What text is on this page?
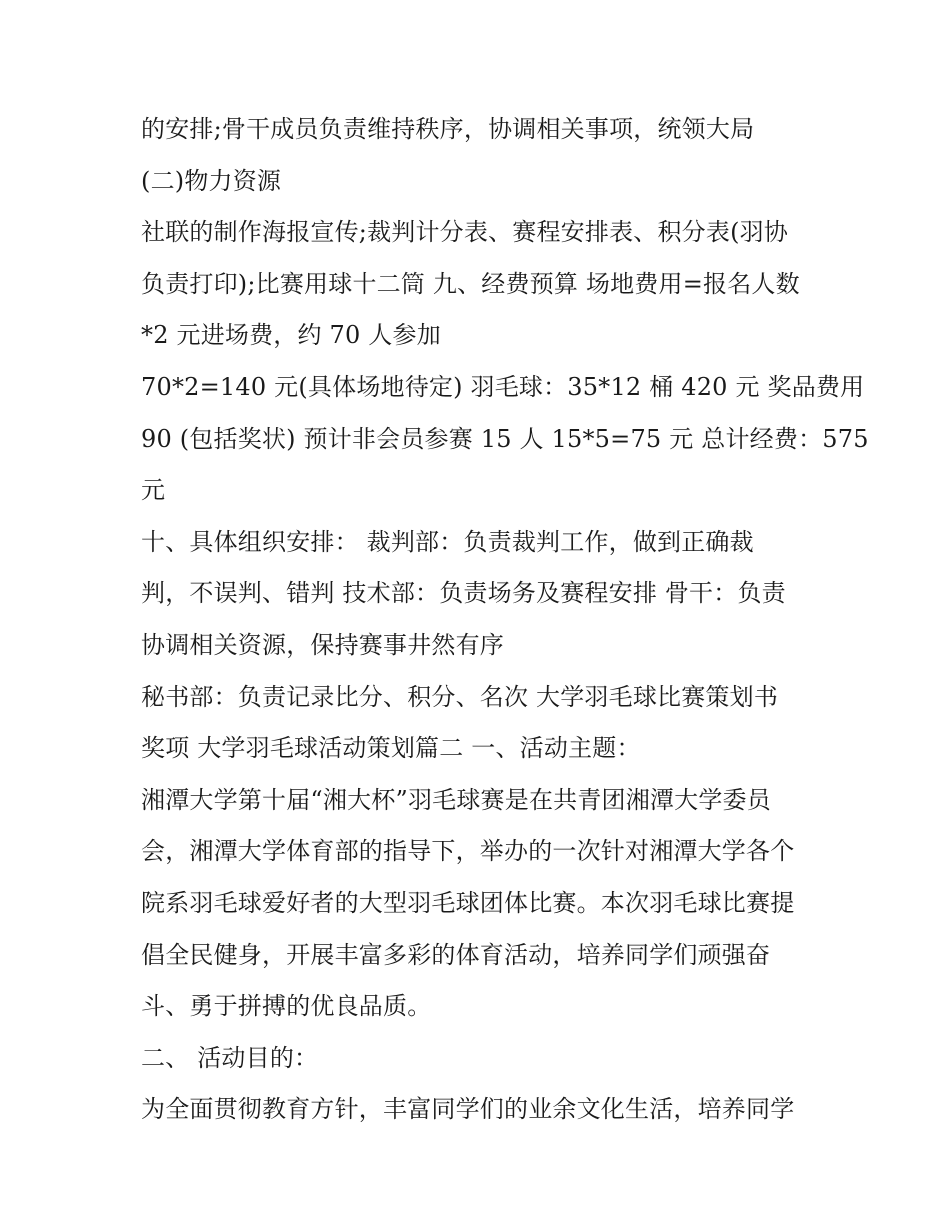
的安排;骨干成员负责维持秩序，协调相关事项，统领大局
(二)物力资源
社联的制作海报宣传;裁判计分表、赛程安排表、积分表(羽协
负责打印);比赛用球十二筒 九、经费预算 场地费用=报名人数
*2 元进场费，约 70 人参加
70*2=140 元(具体场地待定) 羽毛球：35*12 桶 420 元 奖品费用
90 (包括奖状) 预计非会员参赛 15 人 15*5=75 元 总计经费：575
元
十、具体组织安排： 裁判部：负责裁判工作，做到正确裁
判，不误判、错判 技术部：负责场务及赛程安排 骨干：负责
协调相关资源，保持赛事井然有序
秘书部：负责记录比分、积分、名次 大学羽毛球比赛策划书
奖项 大学羽毛球活动策划篇二 一、活动主题：
湘潭大学第十届“湘大杯”羽毛球赛是在共青团湘潭大学委员
会，湘潭大学体育部的指导下，举办的一次针对湘潭大学各个
院系羽毛球爱好者的大型羽毛球团体比赛。本次羽毛球比赛提
倡全民健身，开展丰富多彩的体育活动，培养同学们顽强奋
斗、勇于拼搏的优良品质。
二、 活动目的：
为全面贯彻教育方针，丰富同学们的业余文化生活，培养同学
